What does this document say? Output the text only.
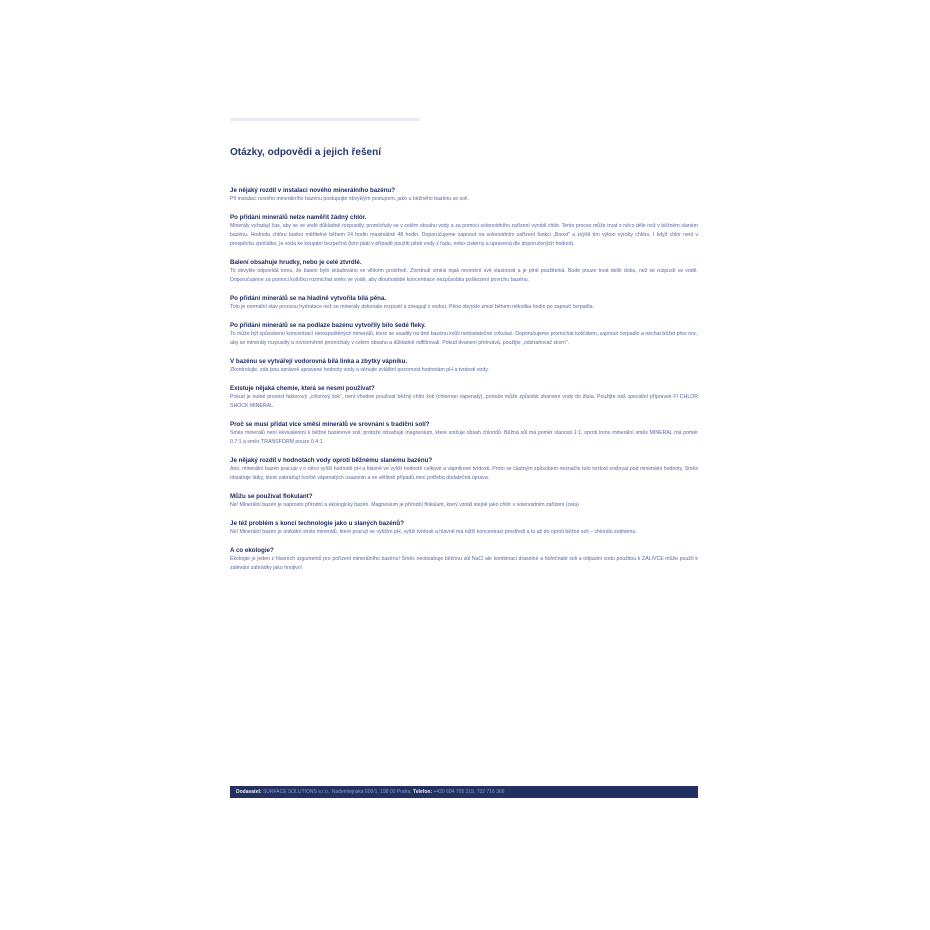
Otázky, odpovědi a jejich řešení

Je nějaký rozdíl v instalaci nového minerálního bazénu?

Při instalaci nového minerálního bazénu postupujte obvyklým postupem, jako u běžného bazénu se solí.

Po přidání minerálů nelze naměřit žádný chlór.

Minerály vyžadují čas, aby se ve vodě důkladně rozpustily, promíchaly se v celém obsahu vody a za pomoci solenoidního zařízení vyrobil chlór. Tento proces může trvat o něco déle než v běžném slaném bazénu. Hodnotu chlóru budou měřitelné během 24 hodin maximálně 48 hodin. Doporučujeme zapnout na solenoidním zařízení funkci „Boost" a zvýšit tím výkon výroby chlóru. I když chlór není v prospěchu zpočátku, je voda ke koupání bezpečná (toto platí v případě použití pitné vody z řadu, nebo cisterny a upravená dle doporučených hodnot).

Balení obsahuje hrudky, nebo je celé ztvrdlé.

To obvykle odpovídá tomu, že balení bylo skladováno ve vlhkém prostředí. Ztvrdnutí směsi nijak neomění své vlastnosti a je plně použitelná. Bude pouze trvat delší dobu, než se rozpustí ve vodě. Doporučujeme za pomoci košíčku rozmíchat směs ve vodě, aby dlouhodobé koncentrace nezpůsobila poškození povrchu bazénu.

Po přidání minerálů se na hladině vytvořila bílá pěna.

Toto je normální stav procesu hydratace než se minerály dokonale rozpustí a zreagují s vodou. Pěna obvykle zmizí během několika hodin po zapnutí čerpadla.

Po přidání minerálů se na podlaze bazénu vytvořily bílo šedé fleky.

To může být způsobeno koncentrací nerozpuštěných minerálů, které se usadily na dně bazénu kvůli nedostatečné cirkulaci. Doporučujeme promíchat košťátem, zapnout čerpadlo a nechat běžet přes noc, aby se minerály rozpustily a rovnoměrně promíchaly v celém obsahu a důkladně odfiltrovali. Pokud dvanení přetrvává, použijte „odstraňovač skvrn".

V bazénu se vytvářejí vodorovná bílá linka a zbytky vápníku.

Zkontrolujte, zda jsou správně upravené hodnoty vody a věnujte zvláštní pozornost hodnotám pH a tvrdosti vody.

Existuje nějaká chemie, která se nesmí používat?

Pokud je nutné provést faktorový „chlorový šok", není vhodné používat běžný chlór šok (chlornan vápenatý), protože může způsobit zbarvení vody do žluta. Použijte náš speciální přípravek FI CHLOR SHOCK MINERAL.

Proč se musí přidat více směsi minerálů ve srovnání s tradiční solí?

Směs minerálů není ekvivalentní k běžné bazénové soli, protože obsahuje magnesium, které snižuje obsah chloridů. Běžná sůl má poměr slanosti 1:1, oproti tomu minerální směs MINERAL má poměr 0,7:1 a směs TRANSFORM pouze 0,4:1.

Je nějaký rozdíl v hodnotách vody oproti běžnému slanému bazénu?

Ano, minerální bazén pracuje v o něco vyšší hodnotě pH a hlavně ve vyšší hodnotě celkové a vápníkové tvrdosti. Proto se částným způsobem neznačte tuto tvrdost snižovat pod minimální hodnoty. Směs obsahuje látky, které zabraňují tvorbě vápenatých usazenin a ve většině případů není potřeba dodatečná úprava.

Můžu se používat flokulant?

Ne! Minerální bazén je naprosto přírodní a ekologický bazén. Magnésium je přírodní flokulant, který vznikl stejně jako chlór v solenoidním zařízení (cela)

Je též problém s koncí technologie jako u slaných bazénů?

Ne! Minerální bazén je unikátní směs minerálů, které pracují ve vyšším pH, vyšší tvrdosti a hlavně má nižší koncentraci prostředí a tu až do oproti běžné soli – chloridu sodnému.

A co ekologie?

Ekologie je jeden z hlavních argumentů pro pořízení minerálního bazénu! Směs neobsahuje běžnou sůl NaCl ale kombinaci draselné a hořečnaté soli a odpadní vodu použitou k ZÁLIVCE může použít k zalévání zahrádky jako hnojivo!

Dodavatel: SURFACE SOLUTIONS s.r.o., Nademlejnská 600/1, 198 00 Praha, Telefon: +420 604 705 215, 732 716 366
